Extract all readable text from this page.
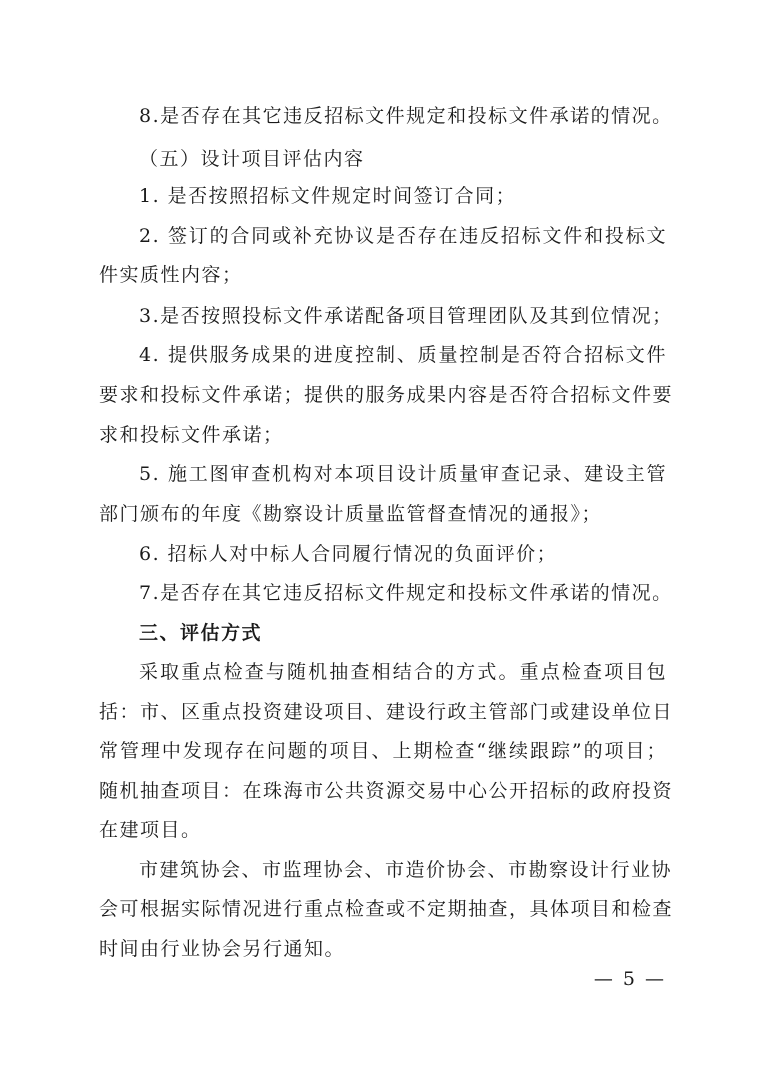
8.是否存在其它违反招标文件规定和投标文件承诺的情况。
（五）设计项目评估内容
1. 是否按照招标文件规定时间签订合同；
2. 签订的合同或补充协议是否存在违反招标文件和投标文
件实质性内容；
3.是否按照投标文件承诺配备项目管理团队及其到位情况；
4. 提供服务成果的进度控制、质量控制是否符合招标文件
要求和投标文件承诺；提供的服务成果内容是否符合招标文件要
求和投标文件承诺；
5. 施工图审查机构对本项目设计质量审查记录、建设主管
部门颁布的年度《勘察设计质量监管督查情况的通报》；
6. 招标人对中标人合同履行情况的负面评价；
7.是否存在其它违反招标文件规定和投标文件承诺的情况。
三、评估方式
采取重点检查与随机抽查相结合的方式。重点检查项目包
括：市、区重点投资建设项目、建设行政主管部门或建设单位日
常管理中发现存在问题的项目、上期检查“继续跟踪”的项目；
随机抽查项目：在珠海市公共资源交易中心公开招标的政府投资
在建项目。
市建筑协会、市监理协会、市造价协会、市勘察设计行业协
会可根据实际情况进行重点检查或不定期抽查，具体项目和检查
时间由行业协会另行通知。
— 5 —
